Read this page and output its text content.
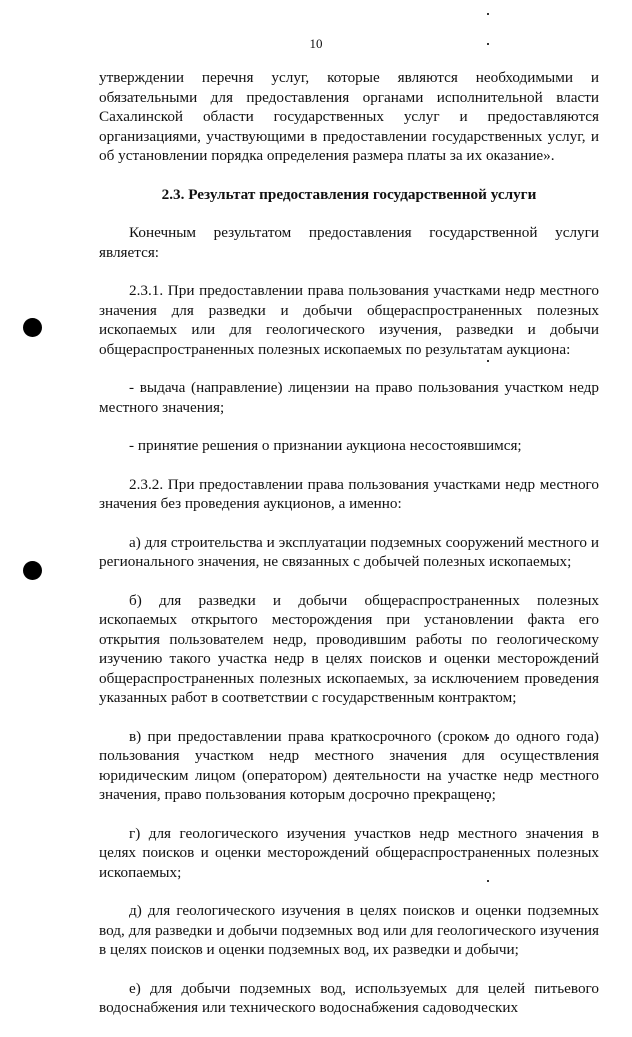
10

утверждении перечня услуг, которые являются необходимыми и обязательными для предоставления органами исполнительной власти Сахалинской области государственных услуг и предоставляются организациями, участвующими в предоставлении государственных услуг, и об установлении порядка определения размера платы за их оказание».

2.3. Результат предоставления государственной услуги

Конечным результатом предоставления государственной услуги является:

2.3.1. При предоставлении права пользования участками недр местного значения для разведки и добычи общераспространенных полезных ископаемых или для геологического изучения, разведки и добычи общераспространенных полезных ископаемых по результатам аукциона:

- выдача (направление) лицензии на право пользования участком недр местного значения;

- принятие решения о признании аукциона несостоявшимся;

2.3.2. При предоставлении права пользования участками недр местного значения без проведения аукционов, а именно:

а) для строительства и эксплуатации подземных сооружений местного и регионального значения, не связанных с добычей полезных ископаемых;

б) для разведки и добычи общераспространенных полезных ископаемых открытого месторождения при установлении факта его открытия пользователем недр, проводившим работы по геологическому изучению такого участка недр в целях поисков и оценки месторождений общераспространенных полезных ископаемых, за исключением проведения указанных работ в соответствии с государственным контрактом;

в) при предоставлении права краткосрочного (сроком до одного года) пользования участком недр местного значения для осуществления юридическим лицом (оператором) деятельности на участке недр местного значения, право пользования которым досрочно прекращено;

г) для геологического изучения участков недр местного значения в целях поисков и оценки месторождений общераспространенных полезных ископаемых;

д) для геологического изучения в целях поисков и оценки подземных вод, для разведки и добычи подземных вод или для геологического изучения в целях поисков и оценки подземных вод, их разведки и добычи;

е) для добычи подземных вод, используемых для целей питьевого водоснабжения или технического водоснабжения садоводческих
